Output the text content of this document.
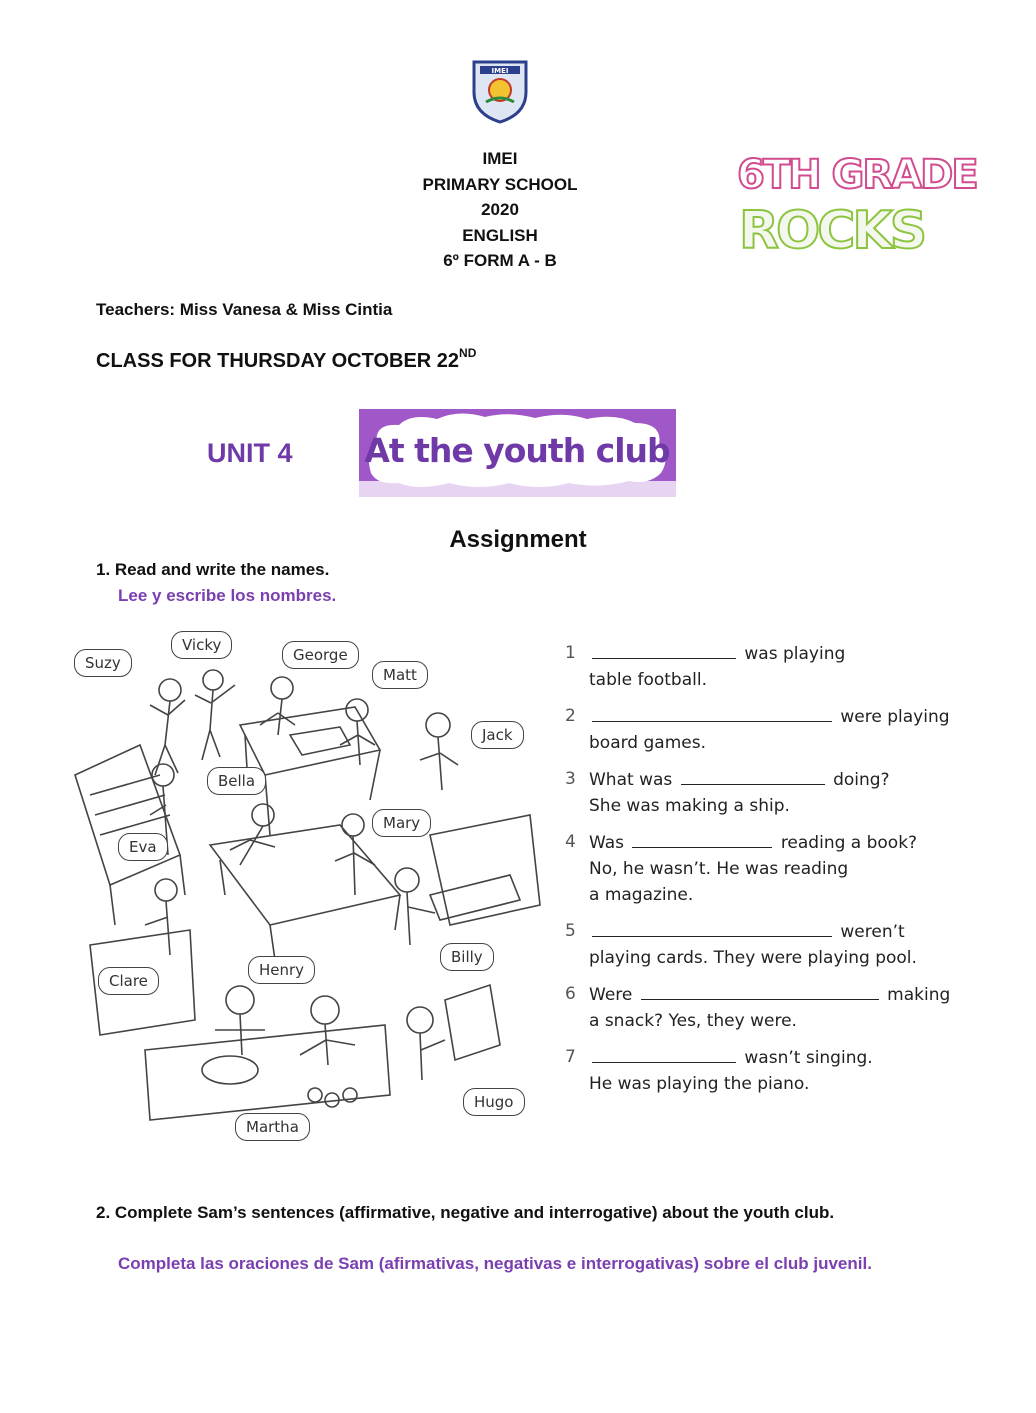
IMEI
IMEI
PRIMARY SCHOOL
2020
ENGLISH
6º FORM A - B
6TH GRADE
ROCKS
Teachers: Miss Vanesa & Miss Cintia
CLASS FOR THURSDAY OCTOBER 22ND
UNIT 4 At the youth club
Assignment
1. Read and write the names.
Lee y escribe los nombres.
Suzy
Vicky
George
Matt
Jack
Bella
Mary
Eva
Clare
Henry
Billy
Martha
Hugo
1	was playing
table football.
2	were playing
board games.
3 What was	doing?
She was making a ship.
4 Was	reading a book?
No, he wasn’t. He was reading
a magazine.
5	weren’t
playing cards. They were playing pool.
6 Were	making
a snack? Yes, they were.
7	wasn’t singing.
He was playing the piano.
2. Complete Sam’s sentences (affirmative, negative and interrogative) about the youth club.
Completa las oraciones de Sam (afirmativas, negativas e interrogativas) sobre el club juvenil.
